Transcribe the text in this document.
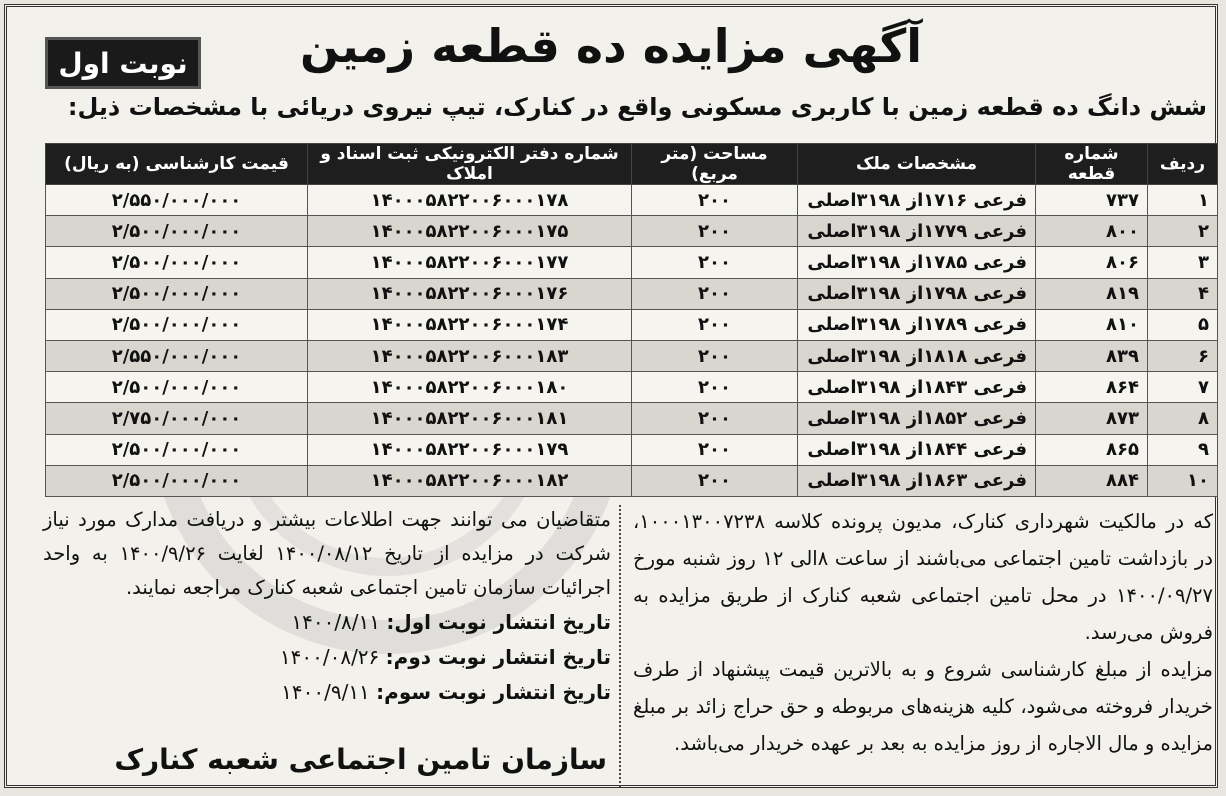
نوبت اول	آگهی مزایده ده قطعه زمین
شش دانگ ده قطعه زمین با کاربری مسکونی واقع در کنارک، تیپ نیروی دریائی با مشخصات ذیل:
ردیف	شماره قطعه	مشخصات ملک	مساحت (متر مربع)	شماره دفتر الکترونیکی ثبت اسناد و املاک	قیمت کارشناسی (به ریال)
۱	۷۳۷	فرعی ۱۷۱۶از ۳۱۹۸اصلی	۲۰۰	۱۴۰۰۰۵۸۲۲۰۰۶۰۰۰۱۷۸	۲/۵۵۰/۰۰۰/۰۰۰
۲	۸۰۰	فرعی ۱۷۷۹از ۳۱۹۸اصلی	۲۰۰	۱۴۰۰۰۵۸۲۲۰۰۶۰۰۰۱۷۵	۲/۵۰۰/۰۰۰/۰۰۰
۳	۸۰۶	فرعی ۱۷۸۵از ۳۱۹۸اصلی	۲۰۰	۱۴۰۰۰۵۸۲۲۰۰۶۰۰۰۱۷۷	۲/۵۰۰/۰۰۰/۰۰۰
۴	۸۱۹	فرعی ۱۷۹۸از ۳۱۹۸اصلی	۲۰۰	۱۴۰۰۰۵۸۲۲۰۰۶۰۰۰۱۷۶	۲/۵۰۰/۰۰۰/۰۰۰
۵	۸۱۰	فرعی ۱۷۸۹از ۳۱۹۸اصلی	۲۰۰	۱۴۰۰۰۵۸۲۲۰۰۶۰۰۰۱۷۴	۲/۵۰۰/۰۰۰/۰۰۰
۶	۸۳۹	فرعی ۱۸۱۸از ۳۱۹۸اصلی	۲۰۰	۱۴۰۰۰۵۸۲۲۰۰۶۰۰۰۱۸۳	۲/۵۵۰/۰۰۰/۰۰۰
۷	۸۶۴	فرعی ۱۸۴۳از ۳۱۹۸اصلی	۲۰۰	۱۴۰۰۰۵۸۲۲۰۰۶۰۰۰۱۸۰	۲/۵۰۰/۰۰۰/۰۰۰
۸	۸۷۳	فرعی ۱۸۵۲از ۳۱۹۸اصلی	۲۰۰	۱۴۰۰۰۵۸۲۲۰۰۶۰۰۰۱۸۱	۲/۷۵۰/۰۰۰/۰۰۰
۹	۸۶۵	فرعی ۱۸۴۴از ۳۱۹۸اصلی	۲۰۰	۱۴۰۰۰۵۸۲۲۰۰۶۰۰۰۱۷۹	۲/۵۰۰/۰۰۰/۰۰۰
۱۰	۸۸۴	فرعی ۱۸۶۳از ۳۱۹۸اصلی	۲۰۰	۱۴۰۰۰۵۸۲۲۰۰۶۰۰۰۱۸۲	۲/۵۰۰/۰۰۰/۰۰۰

که در مالکیت شهرداری کنارک، مدیون پرونده کلاسه ۱۰۰۰۱۳۰۰۷۲۳۸، در بازداشت تامین اجتماعی می‌باشند از ساعت ۸الی ۱۲ روز شنبه مورخ ۱۴۰۰/۰۹/۲۷ در محل تامین اجتماعی شعبه کنارک از طریق مزایده به فروش می‌رسد.

مزایده از مبلغ کارشناسی شروع و به بالاترین قیمت پیشنهاد از طرف خریدار فروخته می‌شود، کلیه هزینه‌های مربوطه و حق حراج زائد بر مبلغ مزایده و مال الاجاره از روز مزایده به بعد بر عهده خریدار می‌باشد.

متقاضیان می توانند جهت اطلاعات بیشتر و دریافت مدارک مورد نیاز شرکت در مزایده از تاریخ ۱۴۰۰/۰۸/۱۲ لغایت ۱۴۰۰/۹/۲۶ به واحد اجرائیات سازمان تامین اجتماعی شعبه کنارک مراجعه نمایند.

تاریخ انتشار نوبت اول: ۱۴۰۰/۸/۱۱
تاریخ انتشار نوبت دوم: ۱۴۰۰/۰۸/۲۶
تاریخ انتشار نوبت سوم: ۱۴۰۰/۹/۱۱
سازمان تامین اجتماعی شعبه کنارک
